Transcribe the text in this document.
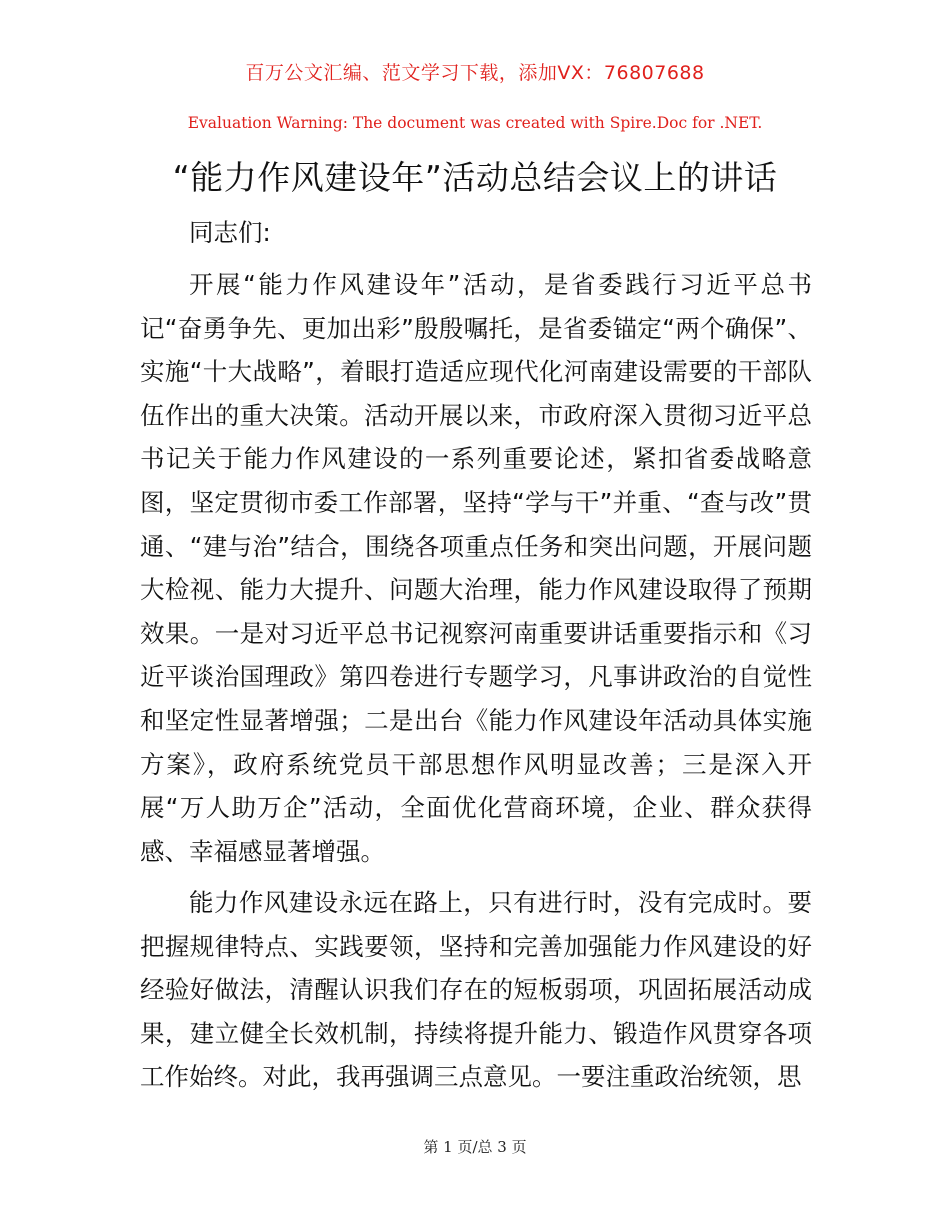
百万公文汇编、范文学习下载，添加VX：76807688
Evaluation Warning: The document was created with Spire.Doc for .NET.
“能力作风建设年”活动总结会议上的讲话

同志们:

开展“能力作风建设年”活动，是省委践行习近平总书记“奋勇争先、更加出彩”殷殷嘱托，是省委锚定“两个确保”、实施“十大战略”，着眼打造适应现代化河南建设需要的干部队伍作出的重大决策。活动开展以来，市政府深入贯彻习近平总书记关于能力作风建设的一系列重要论述，紧扣省委战略意图，坚定贯彻市委工作部署，坚持“学与干”并重、“查与改”贯通、“建与治”结合，围绕各项重点任务和突出问题，开展问题大检视、能力大提升、问题大治理，能力作风建设取得了预期效果。一是对习近平总书记视察河南重要讲话重要指示和《习近平谈治国理政》第四卷进行专题学习，凡事讲政治的自觉性和坚定性显著增强；二是出台《能力作风建设年活动具体实施方案》，政府系统党员干部思想作风明显改善；三是深入开展“万人助万企”活动，全面优化营商环境，企业、群众获得感、幸福感显著增强。

能力作风建设永远在路上，只有进行时，没有完成时。要把握规律特点、实践要领，坚持和完善加强能力作风建设的好经验好做法，清醒认识我们存在的短板弱项，巩固拓展活动成果，建立健全长效机制，持续将提升能力、锻造作风贯穿各项工作始终。对此，我再强调三点意见。一要注重政治统领，思

第 1 页/总 3 页
